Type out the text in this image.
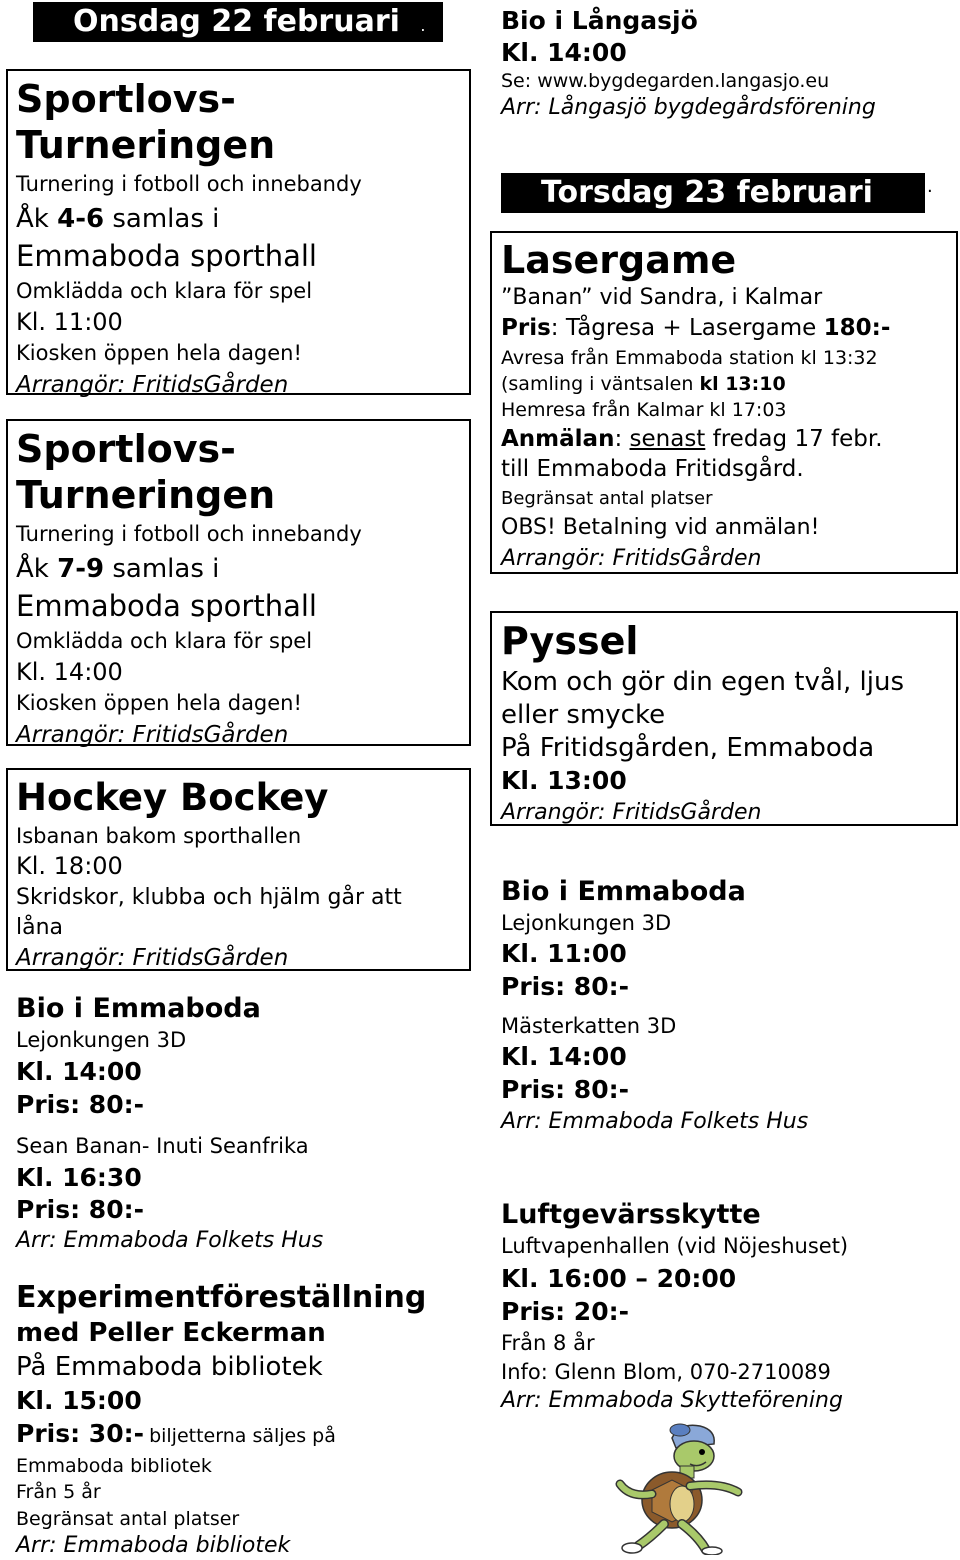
Onsdag 22 februari .
Sportlovs-
Turneringen
Turnering i fotboll och innebandy
Åk 4-6 samlas i
Emmaboda sporthall
Omklädda och klara för spel
Kl. 11:00
Kiosken öppen hela dagen!
Arrangör: FritidsGården
Sportlovs-
Turneringen
Turnering i fotboll och innebandy
Åk 7-9 samlas i
Emmaboda sporthall
Omklädda och klara för spel
Kl. 14:00
Kiosken öppen hela dagen!
Arrangör: FritidsGården
Hockey Bockey
Isbanan bakom sporthallen
Kl. 18:00
Skridskor, klubba och hjälm går att
låna
Arrangör: FritidsGården
Bio i Emmaboda
Lejonkungen 3D
Kl. 14:00
Pris: 80:-
Sean Banan- Inuti Seanfrika
Kl. 16:30
Pris: 80:-
Arr: Emmaboda Folkets Hus
Experimentföreställning
med Peller Eckerman
På Emmaboda bibliotek
Kl. 15:00
Pris: 30:- biljetterna säljes på
Emmaboda bibliotek
Från 5 år
Begränsat antal platser
Arr: Emmaboda bibliotek
Bio i Långasjö
Kl. 14:00
Se: www.bygdegarden.langasjo.eu
Arr: Långasjö bygdegårdsförening
Torsdag 23 februari	.
Lasergame
”Banan” vid Sandra, i Kalmar
Pris: Tågresa + Lasergame 180:-
Avresa från Emmaboda station kl 13:32
(samling i väntsalen kl 13:10
Hemresa från Kalmar kl 17:03
Anmälan: senast fredag 17 febr.
till Emmaboda Fritidsgård.
Begränsat antal platser
OBS! Betalning vid anmälan!
Arrangör: FritidsGården
Pyssel
Kom och gör din egen tvål, ljus
eller smycke
På Fritidsgården, Emmaboda
Kl. 13:00
Arrangör: FritidsGården
Bio i Emmaboda
Lejonkungen 3D
Kl. 11:00
Pris: 80:-
Mästerkatten 3D
Kl. 14:00
Pris: 80:-
Arr: Emmaboda Folkets Hus
Luftgevärsskytte
Luftvapenhallen (vid Nöjeshuset)
Kl. 16:00 – 20:00
Pris: 20:-
Från 8 år
Info: Glenn Blom, 070-2710089
Arr: Emmaboda Skytteförening
